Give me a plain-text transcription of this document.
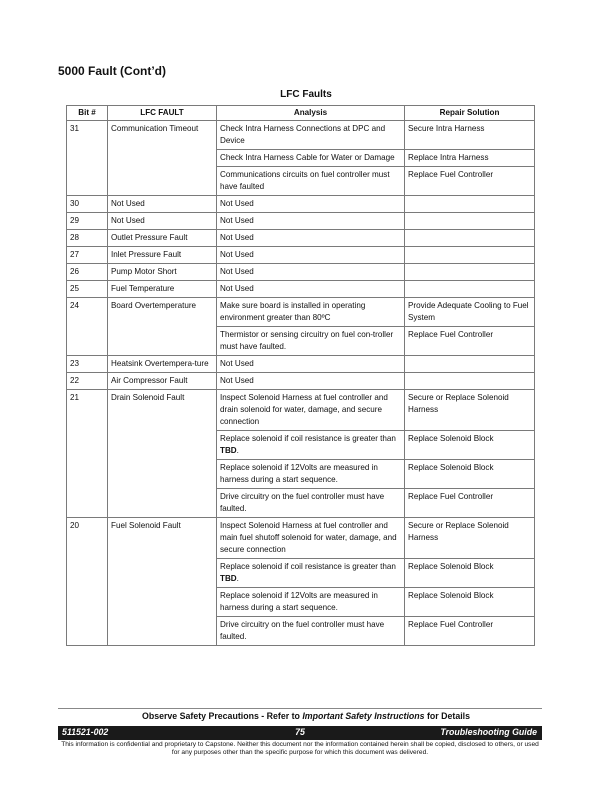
5000 Fault (Cont’d)
LFC Faults
Bit #	LFC FAULT	Analysis	Repair Solution
31	Communication Timeout	Check Intra Harness Connections at DPC and Device	Secure Intra Harness
		Check Intra Harness Cable for Water or Damage	Replace Intra Harness
		Communications circuits on fuel controller must have faulted	Replace Fuel Controller
30	Not Used	Not Used	
29	Not Used	Not Used	
28	Outlet Pressure Fault	Not Used	
27	Inlet Pressure Fault	Not Used	
26	Pump Motor Short	Not Used	
25	Fuel Temperature	Not Used	
24	Board Overtemperature	Make sure board is installed in operating environment greater than 80ºC	Provide Adequate Cooling to Fuel System
		Thermistor or sensing circuitry on fuel con-troller must have faulted.	Replace Fuel Controller
23	Heatsink Overtempera-ture	Not Used	
22	Air Compressor Fault	Not Used	
21	Drain Solenoid Fault	Inspect Solenoid Harness at fuel controller and drain solenoid for water, damage, and secure connection	Secure or Replace Solenoid Harness
		Replace solenoid if coil resistance is greater than TBD.	Replace Solenoid Block
		Replace solenoid if 12Volts are measured in harness during a start sequence.	Replace Solenoid Block
		Drive circuitry on the fuel controller must have faulted.	Replace Fuel Controller
20	Fuel Solenoid Fault	Inspect Solenoid Harness at fuel controller and main fuel shutoff solenoid for water, damage, and secure connection	Secure or Replace Solenoid Harness
		Replace solenoid if coil resistance is greater than TBD.	Replace Solenoid Block
		Replace solenoid if 12Volts are measured in harness during a start sequence.	Replace Solenoid Block
		Drive circuitry on the fuel controller must have faulted.	Replace Fuel Controller
Observe Safety Precautions - Refer to Important Safety Instructions for Details
511521-002	75	Troubleshooting Guide
This information is confidential and proprietary to Capstone. Neither this document nor the information contained herein shall be copied, disclosed to others, or used for any purposes other than the specific purpose for which this document was delivered.
